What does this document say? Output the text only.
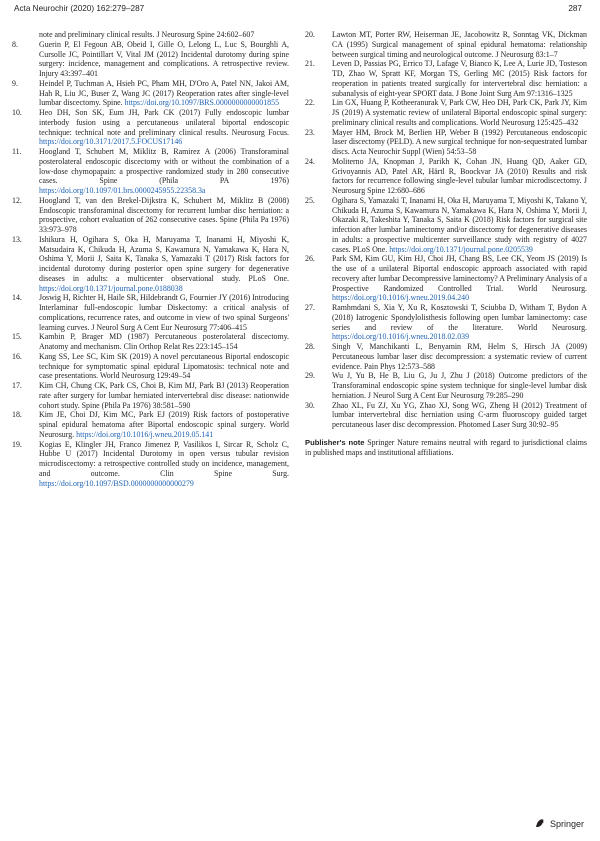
Acta Neurochir (2020) 162:279–287	287
note and preliminary clinical results. J Neurosurg Spine 24:602–607
8.	Guerin P, El Fegoun AB, Obeid I, Gille O, Lelong L, Luc S, Bourghli A, Cursolle JC, Pointillart V, Vital JM (2012) Incidental durotomy during spine surgery: incidence, management and complications. A retrospective review. Injury 43:397–401
9.	Heindel P, Tuchman A, Hsieh PC, Pham MH, D'Oro A, Patel NN, Jakoi AM, Hah R, Liu JC, Buser Z, Wang JC (2017) Reoperation rates after single-level lumbar discectomy. Spine. https://doi.org/10.1097/BRS.0000000000001855
10.	Heo DH, Son SK, Eum JH, Park CK (2017) Fully endoscopic lumbar interbody fusion using a percutaneous unilateral biportal endoscopic technique: technical note and preliminary clinical results. Neurosurg Focus. https://doi.org/10.3171/2017.5.FOCUS17146
11.	Hoogland T, Schubert M, Miklitz B, Ramirez A (2006) Transforaminal posterolateral endoscopic discectomy with or without the combination of a low-dose chymopapain: a prospective randomized study in 280 consecutive cases. Spine (Phila PA 1976) https://doi.org/10.1097/01.brs.0000245955.22358.3a
12.	Hoogland T, van den Brekel-Dijkstra K, Schubert M, Miklitz B (2008) Endoscopic transforaminal discectomy for recurrent lumbar disc herniation: a prospective, cohort evaluation of 262 consecutive cases. Spine (Phila Pa 1976) 33:973–978
13.	Ishikura H, Ogihara S, Oka H, Maruyama T, Inanami H, Miyoshi K, Matsudaira K, Chikuda H, Azuma S, Kawamura N, Yamakawa K, Hara N, Oshima Y, Morii J, Saita K, Tanaka S, Yamazaki T (2017) Risk factors for incidental durotomy during posterior open spine surgery for degenerative diseases in adults: a multicenter observational study. PLoS One. https://doi.org/10.1371/journal.pone.0188038
14.	Joswig H, Richter H, Haile SR, Hildebrandt G, Fournier JY (2016) Introducing Interlaminar full-endoscopic lumbar Diskectomy: a critical analysis of complications, recurrence rates, and outcome in view of two spinal Surgeons' learning curves. J Neurol Surg A Cent Eur Neurosurg 77:406–415
15.	Kambin P, Brager MD (1987) Percutaneous posterolateral discectomy. Anatomy and mechanism. Clin Orthop Relat Res 223:145–154
16.	Kang SS, Lee SC, Kim SK (2019) A novel percutaneous Biportal endoscopic technique for symptomatic spinal epidural Lipomatosis: technical note and case presentations. World Neurosurg 129:49–54
17.	Kim CH, Chung CK, Park CS, Choi B, Kim MJ, Park BJ (2013) Reoperation rate after surgery for lumbar herniated intervertebral disc disease: nationwide cohort study. Spine (Phila Pa 1976) 38:581–590
18.	Kim JE, Choi DJ, Kim MC, Park EJ (2019) Risk factors of postoperative spinal epidural hematoma after Biportal endoscopic spinal surgery. World Neurosurg. https://doi.org/10.1016/j.wneu.2019.05.141
19.	Kogias E, Klingler JH, Franco Jimenez P, Vasilikos I, Sircar R, Scholz C, Hubbe U (2017) Incidental Durotomy in open versus tubular revision microdiscectomy: a retrospective controlled study on incidence, management, and outcome. Clin Spine Surg. https://doi.org/10.1097/BSD.0000000000000279
20.	Lawton MT, Porter RW, Heiserman JE, Jacobowitz R, Sonntag VK, Dickman CA (1995) Surgical management of spinal epidural hematoma: relationship between surgical timing and neurological outcome. J Neurosurg 83:1–7
21.	Leven D, Passias PG, Errico TJ, Lafage V, Bianco K, Lee A, Lurie JD, Tosteson TD, Zhao W, Spratt KF, Morgan TS, Gerling MC (2015) Risk factors for reoperation in patients treated surgically for intervertebral disc herniation: a subanalysis of eight-year SPORT data. J Bone Joint Surg Am 97:1316–1325
22.	Lin GX, Huang P, Kotheeranurak V, Park CW, Heo DH, Park CK, Park JY, Kim JS (2019) A systematic review of unilateral Biportal endoscopic spinal surgery: preliminary clinical results and complications. World Neurosurg 125:425–432
23.	Mayer HM, Brock M, Berlien HP, Weber B (1992) Percutaneous endoscopic laser discectomy (PELD). A new surgical technique for non-sequestrated lumbar discs. Acta Neurochir Suppl (Wien) 54:53–58
24.	Moliterno JA, Knopman J, Parikh K, Cohan JN, Huang QD, Aaker GD, Grivoyannis AD, Patel AR, Härtl R, Boockvar JA (2010) Results and risk factors for recurrence following single-level tubular lumbar microdiscectomy. J Neurosurg Spine 12:680–686
25.	Ogihara S, Yamazaki T, Inanami H, Oka H, Maruyama T, Miyoshi K, Takano Y, Chikuda H, Azuma S, Kawamura N, Yamakawa K, Hara N, Oshima Y, Morii J, Okazaki R, Takeshita Y, Tanaka S, Saita K (2018) Risk factors for surgical site infection after lumbar laminectomy and/or discectomy for degenerative diseases in adults: a prospective multicenter surveillance study with registry of 4027 cases. PLoS One. https://doi.org/10.1371/journal.pone.0205539
26.	Park SM, Kim GU, Kim HJ, Choi JH, Chang BS, Lee CK, Yeom JS (2019) Is the use of a unilateral Biportal endoscopic approach associated with rapid recovery after lumbar Decompressive laminectomy? A Preliminary Analysis of a Prospective Randomized Controlled Trial. World Neurosurg. https://doi.org/10.1016/j.wneu.2019.04.240
27.	Ramhmdani S, Xia Y, Xu R, Kosztowski T, Sciubba D, Witham T, Bydon A (2018) Iatrogenic Spondylolisthesis following open lumbar laminectomy: case series and review of the literature. World Neurosurg. https://doi.org/10.1016/j.wneu.2018.02.039
28.	Singh V, Manchikanti L, Benyamin RM, Helm S, Hirsch JA (2009) Percutaneous lumbar laser disc decompression: a systematic review of current evidence. Pain Phys 12:573–588
29.	Wu J, Yu B, He B, Liu G, Ju J, Zhu J (2018) Outcome predictors of the Transforaminal endoscopic spine system technique for single-level lumbar disk herniation. J Neurol Surg A Cent Eur Neurosurg 79:285–290
30.	Zhao XL, Fu ZJ, Xu YG, Zhao XJ, Song WG, Zheng H (2012) Treatment of lumbar intervertebral disc herniation using C-arm fluoroscopy guided target percutaneous laser disc decompression. Photomed Laser Surg 30:92–95
Publisher's note Springer Nature remains neutral with regard to jurisdictional claims in published maps and institutional affiliations.
Springer
